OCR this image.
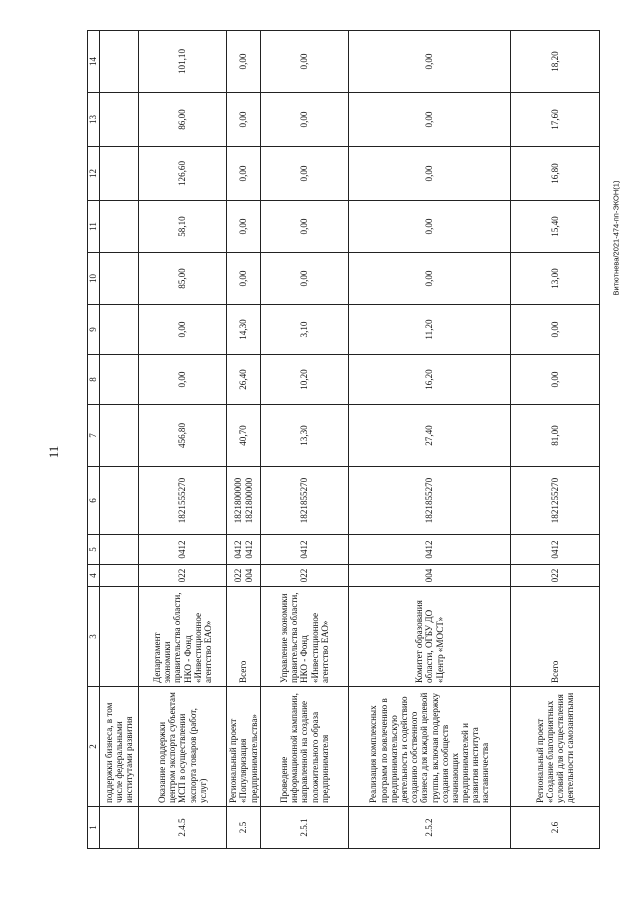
11
Витютнева/2021-474-пп-ЭКОН(1)
1	2	3	4	5	6	7	8	9	10	11	12	13	14
	поддержки бизнеса, в том числе федеральными институтами развития												
2.4.5	Оказание поддержки центром экспорта субъектам МСП в осуществлении экспорта товаров (работ, услуг)	Департамент экономики правительства области, НКО - Фонд «Инвестиционное агентство ЕАО»	022	0412	1821555270	456,80	0,00	0,00	85,00	58,10	126,60	86,00	101,10
2.5	Региональный проект «Популяризация предпринимательства»	Всего	022 004	0412 0412	1821800000 1821800000	40,70	26,40	14,30	0,00	0,00	0,00	0,00	0,00
2.5.1	Проведение информационной кампании, направленной на создание положительного образа предпринимателя	Управление экономики правительства области, НКО - Фонд «Инвестиционное агентство ЕАО»	022	0412	1821855270	13,30	10,20	3,10	0,00	0,00	0,00	0,00	0,00
2.5.2	Реализация комплексных программ по вовлечению в предпринимательскую деятельность и содействию созданию собственного бизнеса для каждой целевой группы, включая поддержку создания сообществ начинающих предпринимателей и развития института наставничества	Комитет образования области, ОГБУ ДО «Центр «МОСТ»	004	0412	1821855270	27,40	16,20	11,20	0,00	0,00	0,00	0,00	0,00
2.6	Региональный проект «Создание благоприятных условий для осуществления деятельности самозанятыми	Всего	022	0412	1821255270	81,00	0,00	0,00	13,00	15,40	16,80	17,60	18,20
